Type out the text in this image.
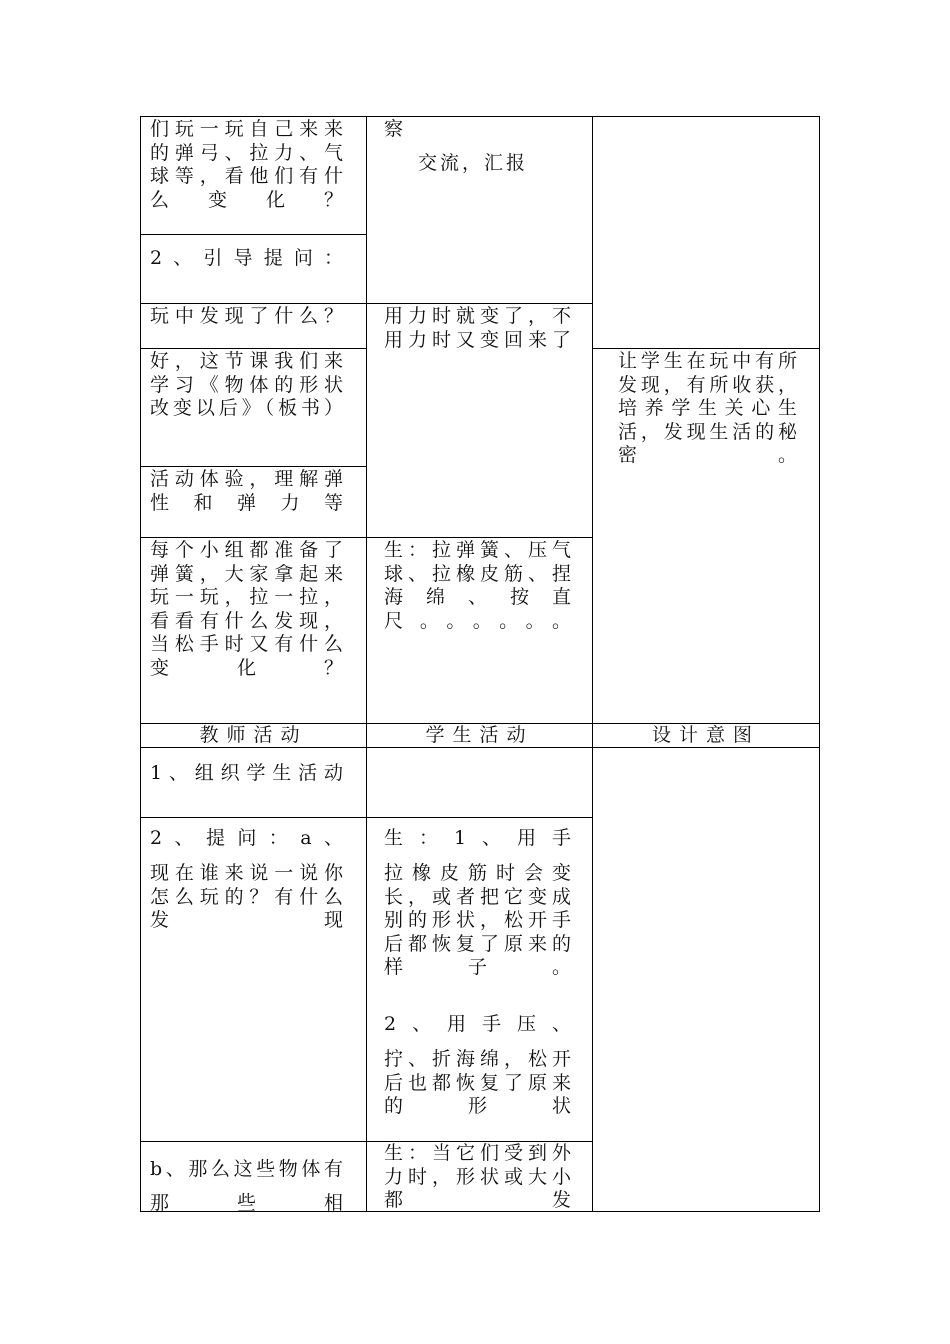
们玩一玩自己来来的弹弓、拉力、气球等，看他们有什么变化？

2、引导提问：

玩中发现了什么？

好，这节课我们来学习《物体的形状改变以后》（板书）

活动体验，理解弹性和弹力等

每个小组都准备了弹簧，大家拿起来玩一玩，拉一拉，看看有什么发现，当松手时又有什么变化？

察

交流，汇报

用力时就变了，不用力时又变回来了

生：拉弹簧、压气球、拉橡皮筋、捏海绵、按直尺。。。。。。

让学生在玩中有所发现，有所收获，培养学生关心生活，发现生活的秘密。

教师活动	学生活动	设计意图

1、组织学生活动

2、提问：a、

现在谁来说一说你怎么玩的？有什么发现

b、那么这些物体有那些相

生：1、用手

拉橡皮筋时会变长，或者把它变成别的形状，松开手后都恢复了原来的样子。

2、用手压、

拧、折海绵，松开后也都恢复了原来的形状

生：当它们受到外力时，形状或大小都发
